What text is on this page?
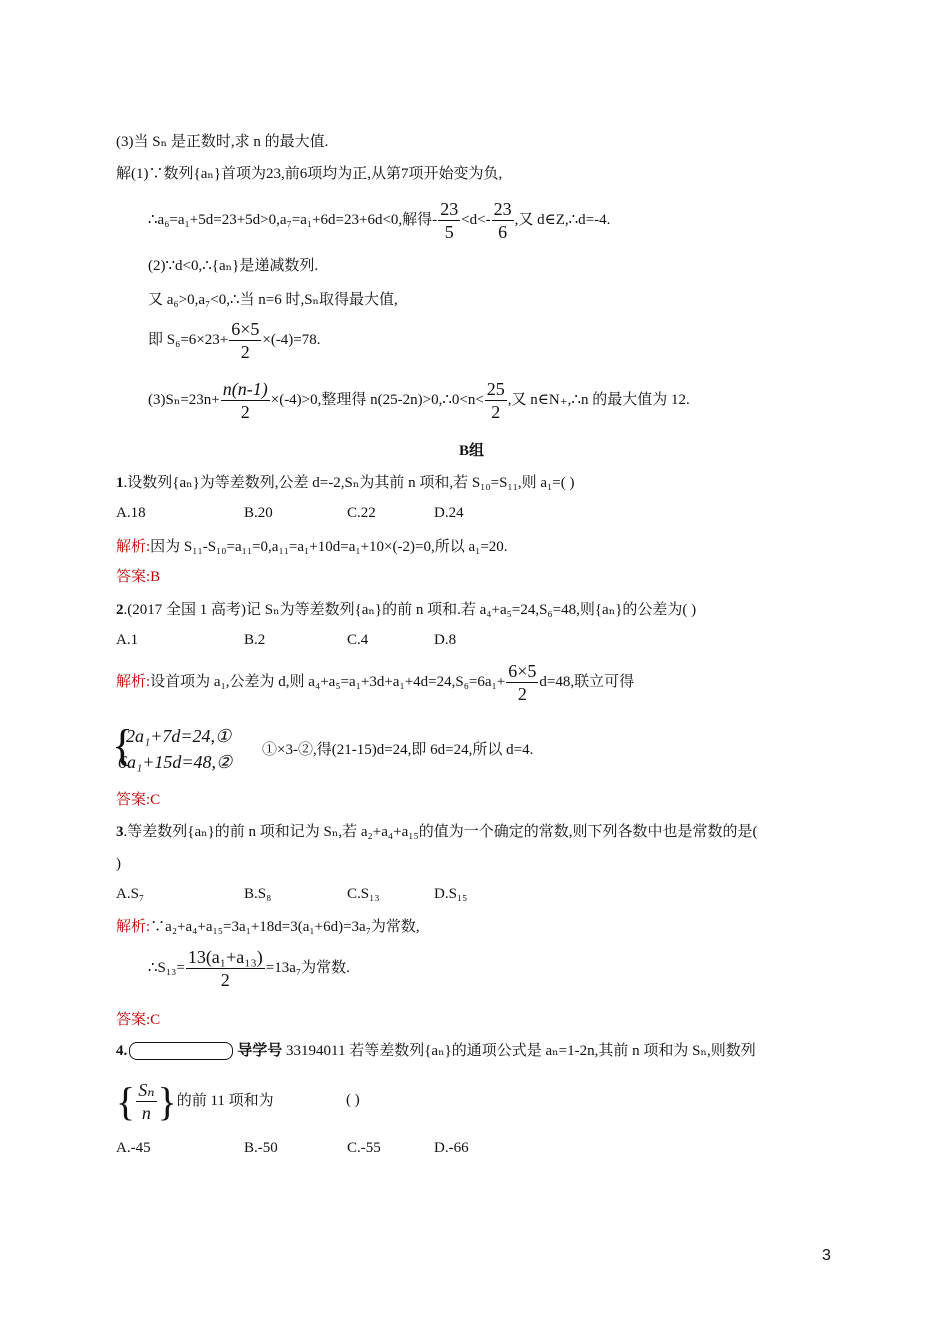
(3)当 Sₙ 是正数时,求 n 的最大值.
解(1)∵数列{aₙ}首项为23,前6项均为正,从第7项开始变为负,
∴a₆=a₁+5d=23+5d>0,a₇=a₁+6d=23+6d<0,解得- $\frac{23}{5} <d<- \frac{23}{6}$ ,又 d∈Z,∴d=-4.
(2)∵d<0,∴{aₙ}是递减数列.
又 a₆>0,a₇<0,∴当 n=6 时,Sₙ取得最大值,
即 $S_6=6\times 23+ \frac{6\times 5}{2} \times(-4)=78$.
$(3)S_n=23n+ \frac{n(n-1)}{2} \times(-4)>0$,整理得 n(25-2n)>0,∴0<n< $\frac{25}{2}$ ,又 n∈N₊,∴n 的最大值为 12.
B组
1.设数列{aₙ}为等差数列,公差 d=-2,Sₙ为其前 n 项和,若 S₁₀=S₁₁,则 a₁=( )
A.18	B.20	C.22	D.24
解析:因为 S₁₁-S₁₀=a₁₁=0,a₁₁=a₁+10d=a₁+10×(-2)=0,所以 a₁=20.
答案:B
2.(2017 全国 1 高考)记 Sₙ为等差数列{aₙ}的前 n 项和.若 a₄+a₅=24,S₆=48,则{aₙ}的公差为( )
A.1	B.2	C.4	D.8
解析:设首项为 a₁,公差为 d,则 $a_4+a_5=a_1+3d+a_1+4d=24,S_6=6a_1+ \frac{6\times 5}{2} d=48$,联立可得
{
2a₁+7d=24,①
6a₁+15d=48,②
①×3-②,得(21-15)d=24,即 6d=24,所以 d=4.
答案:C
3.等差数列{aₙ}的前 n 项和记为 Sₙ,若 a₂+a₄+a₁₅的值为一个确定的常数,则下列各数中也是常数的是(
)
A.S₇	B.S₈	C.S₁₃	D.S₁₅
解析:∵a₂+a₄+a₁₅=3a₁+18d=3(a₁+6d)=3a₇为常数,
∴S₁₃= $\frac{\text{13(a₁+a₁₃)}}{2} =13a_7$为常数.
答案:C
4.	导学号 33194011 若等差数列{aₙ}的通项公式是 aₙ=1-2n,其前 n 项和为 Sₙ,则数列
{ $\frac{\text{Sₙ}}{n}$ }的前 11 项和为	( )
A.-45	B.-50	C.-55	D.-66
3
